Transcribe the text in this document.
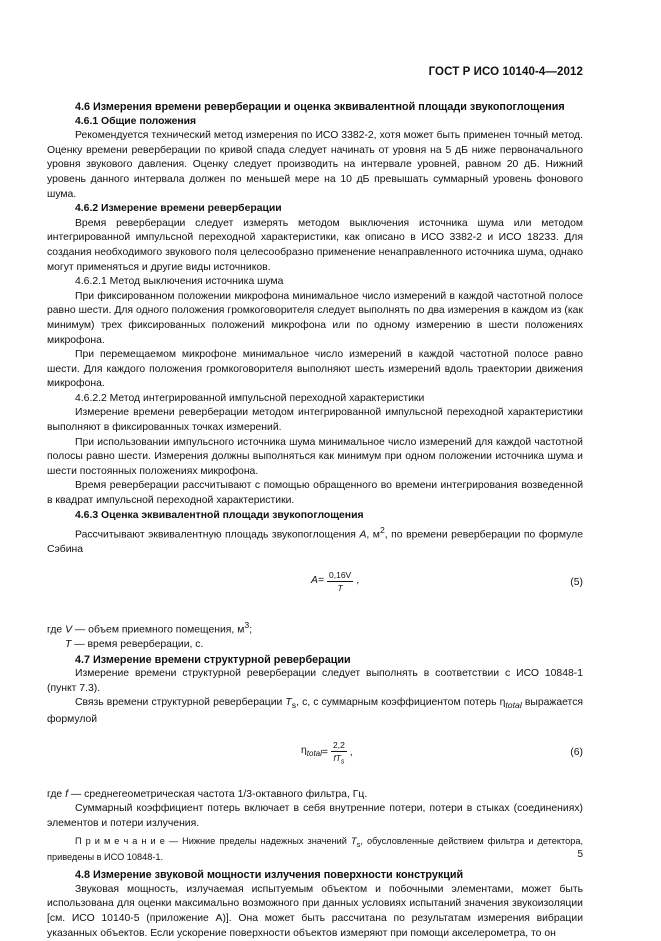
ГОСТ Р ИСО 10140-4—2012

4.6 Измерения времени реверберации и оценка эквивалентной площади звукопоглощения

4.6.1 Общие положения

Рекомендуется технический метод измерения по ИСО 3382-2, хотя может быть применен точный метод. Оценку времени реверберации по кривой спада следует начинать от уровня на 5 дБ ниже первоначального уровня звукового давления. Оценку следует производить на интервале уровней, равном 20 дБ. Нижний уровень данного интервала должен по меньшей мере на 10 дБ превышать суммарный уровень фонового шума.

4.6.2 Измерение времени реверберации

Время реверберации следует измерять методом выключения источника шума или методом интегрированной импульсной переходной характеристики, как описано в ИСО 3382-2 и ИСО 18233. Для создания необходимого звукового поля целесообразно применение ненаправленного источника шума, однако могут применяться и другие виды источников.

4.6.2.1 Метод выключения источника шума

При фиксированном положении микрофона минимальное число измерений в каждой частотной полосе равно шести. Для одного положения громкоговорителя следует выполнять по два измерения в каждом из (как минимум) трех фиксированных положений микрофона или по одному измерению в шести положениях микрофона.

При перемещаемом микрофоне минимальное число измерений в каждой частотной полосе равно шести. Для каждого положения громкоговорителя выполняют шесть измерений вдоль траектории движения микрофона.

4.6.2.2 Метод интегрированной импульсной переходной характеристики

Измерение времени реверберации методом интегрированной импульсной переходной характеристики выполняют в фиксированных точках измерений.

При использовании импульсного источника шума минимальное число измерений для каждой частотной полосы равно шести. Измерения должны выполняться как минимум при одном положении источника шума и шести постоянных положениях микрофона.

Время реверберации рассчитывают с помощью обращенного во времени интегрирования возведенной в квадрат импульсной переходной характеристики.

4.6.3 Оценка эквивалентной площади звукопоглощения

Рассчитывают эквивалентную площадь звукопоглощения A, $м^2$, по времени реверберации по формуле Сэбина

$A = \frac{0,16V}{T}$ ,	(5)

где V — объем приемного помещения, $м^3$;

T — время реверберации, с.

4.7 Измерение времени структурной реверберации

Измерение времени структурной реверберации следует выполнять в соответствии с ИСО 10848-1 (пункт 7.3).

Связь времени структурной реверберации $T_s$, с, с суммарным коэффициентом потерь $\eta_{total}$ выражается формулой

$\eta_{total} = \frac{2,2}{fT_s}$ ,	(6)

где f — среднегеометрическая частота 1/3-октавного фильтра, Гц.

Суммарный коэффициент потерь включает в себя внутренние потери, потери в стыках (соединениях) элементов и потери излучения.

П р и м е ч а н и е — Нижние пределы надежных значений $T_s$, обусловленные действием фильтра и детектора, приведены в ИСО 10848-1.

4.8 Измерение звуковой мощности излучения поверхности конструкций

Звуковая мощность, излучаемая испытуемым объектом и побочными элементами, может быть использована для оценки максимально возможного при данных условиях испытаний значения звукоизоляции [см. ИСО 10140-5 (приложение А)]. Она может быть рассчитана по результатам измерения вибрации указанных объектов. Если ускорение поверхности объектов измеряют при помощи акселерометра, то он

5
